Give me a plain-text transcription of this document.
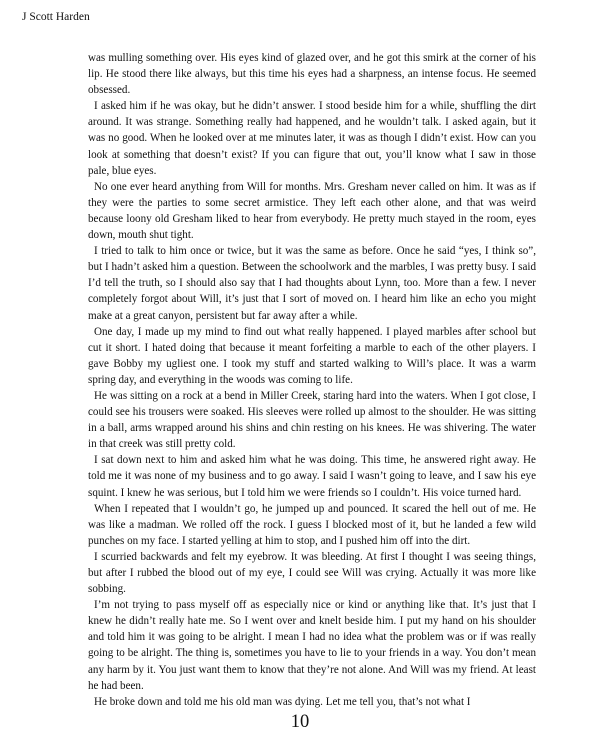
J Scott Harden

was mulling something over. His eyes kind of glazed over, and he got this smirk at the corner of his lip. He stood there like always, but this time his eyes had a sharpness, an intense focus. He seemed obsessed.

I asked him if he was okay, but he didn’t answer. I stood beside him for a while, shuffling the dirt around. It was strange. Something really had happened, and he wouldn’t talk. I asked again, but it was no good. When he looked over at me minutes later, it was as though I didn’t exist. How can you look at something that doesn’t exist? If you can figure that out, you’ll know what I saw in those pale, blue eyes.

No one ever heard anything from Will for months. Mrs. Gresham never called on him. It was as if they were the parties to some secret armistice. They left each other alone, and that was weird because loony old Gresham liked to hear from everybody. He pretty much stayed in the room, eyes down, mouth shut tight.

I tried to talk to him once or twice, but it was the same as before. Once he said “yes, I think so”, but I hadn’t asked him a question. Between the schoolwork and the marbles, I was pretty busy. I said I’d tell the truth, so I should also say that I had thoughts about Lynn, too. More than a few. I never completely forgot about Will, it’s just that I sort of moved on. I heard him like an echo you might make at a great canyon, persistent but far away after a while.

One day, I made up my mind to find out what really happened. I played marbles after school but cut it short. I hated doing that because it meant forfeiting a marble to each of the other players. I gave Bobby my ugliest one. I took my stuff and started walking to Will’s place. It was a warm spring day, and everything in the woods was coming to life.

He was sitting on a rock at a bend in Miller Creek, staring hard into the waters. When I got close, I could see his trousers were soaked. His sleeves were rolled up almost to the shoulder. He was sitting in a ball, arms wrapped around his shins and chin resting on his knees. He was shivering. The water in that creek was still pretty cold.

I sat down next to him and asked him what he was doing. This time, he answered right away. He told me it was none of my business and to go away. I said I wasn’t going to leave, and I saw his eye squint. I knew he was serious, but I told him we were friends so I couldn’t. His voice turned hard.

When I repeated that I wouldn’t go, he jumped up and pounced. It scared the hell out of me. He was like a madman. We rolled off the rock. I guess I blocked most of it, but he landed a few wild punches on my face. I started yelling at him to stop, and I pushed him off into the dirt.

I scurried backwards and felt my eyebrow. It was bleeding. At first I thought I was seeing things, but after I rubbed the blood out of my eye, I could see Will was crying. Actually it was more like sobbing.

I’m not trying to pass myself off as especially nice or kind or anything like that. It’s just that I knew he didn’t really hate me. So I went over and knelt beside him. I put my hand on his shoulder and told him it was going to be alright. I mean I had no idea what the problem was or if was really going to be alright. The thing is, sometimes you have to lie to your friends in a way. You don’t mean any harm by it. You just want them to know that they’re not alone. And Will was my friend. At least he had been.

He broke down and told me his old man was dying. Let me tell you, that’s not what I

10
